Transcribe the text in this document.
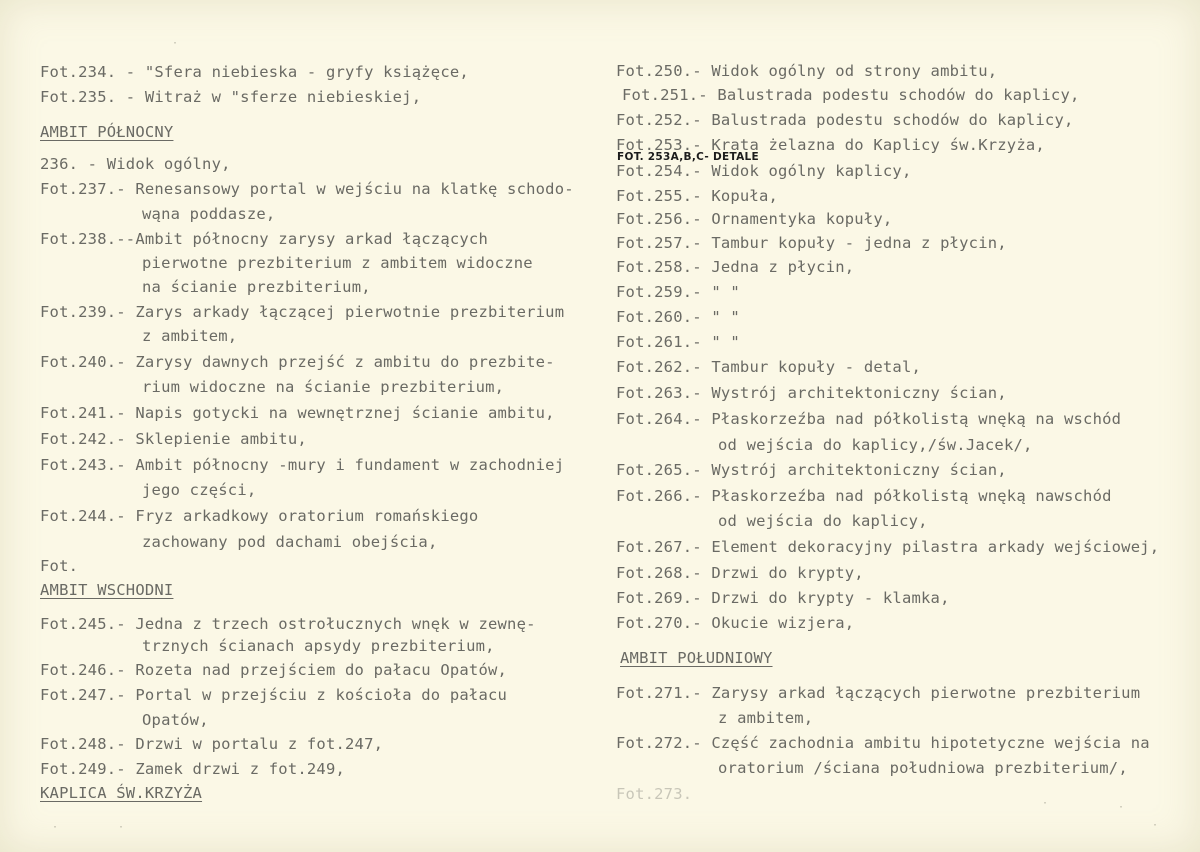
Fot.234. - "Sfera niebieska - gryfy książęce,
Fot.235. - Witraż w "sferze niebieskiej,
AMBIT PÓŁNOCNY
236. - Widok ogólny,
Fot.237.- Renesansowy portal w wejściu na klatkę schodo-
wąna poddasze,
Fot.238.--Ambit północny zarysy arkad łączących
pierwotne prezbiterium z ambitem widoczne
na ścianie prezbiterium,
Fot.239.- Zarys arkady łączącej pierwotnie prezbiterium
z ambitem,
Fot.240.- Zarysy dawnych przejść z ambitu do prezbite-
rium widoczne na ścianie prezbiterium,
Fot.241.- Napis gotycki na wewnętrznej ścianie ambitu,
Fot.242.- Sklepienie ambitu,
Fot.243.- Ambit północny -mury i fundament w zachodniej
jego części,
Fot.244.- Fryz arkadkowy oratorium romańskiego
zachowany pod dachami obejścia,
Fot.
AMBIT WSCHODNI
Fot.245.- Jedna z trzech ostrołucznych wnęk w zewnę-
trznych ścianach apsydy prezbiterium,
Fot.246.- Rozeta nad przejściem do pałacu Opatów,
Fot.247.- Portal w przejściu z kościoła do pałacu
Opatów,
Fot.248.- Drzwi w portalu z fot.247,
Fot.249.- Zamek drzwi z fot.249,
KAPLICA ŚW.KRZYŻA
Fot.250.- Widok ogólny od strony ambitu,
Fot.251.- Balustrada podestu schodów do kaplicy,
Fot.252.- Balustrada podestu schodów do kaplicy,
Fot.253.- Krata żelazna do Kaplicy św.Krzyża,
Fot.254.- Widok ogólny kaplicy,
Fot.255.- Kopuła,
Fot.256.- Ornamentyka kopuły,
Fot.257.- Tambur kopuły - jedna z płycin,
Fot.258.- Jedna z płycin,
Fot.259.- " "
Fot.260.- " "
Fot.261.- " "
Fot.262.- Tambur kopuły - detal,
Fot.263.- Wystrój architektoniczny ścian,
Fot.264.- Płaskorzeźba nad półkolistą wnęką na wschód
od wejścia do kaplicy,/św.Jacek/,
Fot.265.- Wystrój architektoniczny ścian,
Fot.266.- Płaskorzeźba nad półkolistą wnęką nawschód
od wejścia do kaplicy,
Fot.267.- Element dekoracyjny pilastra arkady wejściowej,
Fot.268.- Drzwi do krypty,
Fot.269.- Drzwi do krypty - klamka,
Fot.270.- Okucie wizjera,
AMBIT POŁUDNIOWY
Fot.271.- Zarysy arkad łączących pierwotne prezbiterium
z ambitem,
Fot.272.- Część zachodnia ambitu hipotetyczne wejścia na
oratorium /ściana południowa prezbiterium/,
Fot.273.
FOT. 253A,B,C- DETALE
·
·	·
·	·
·
